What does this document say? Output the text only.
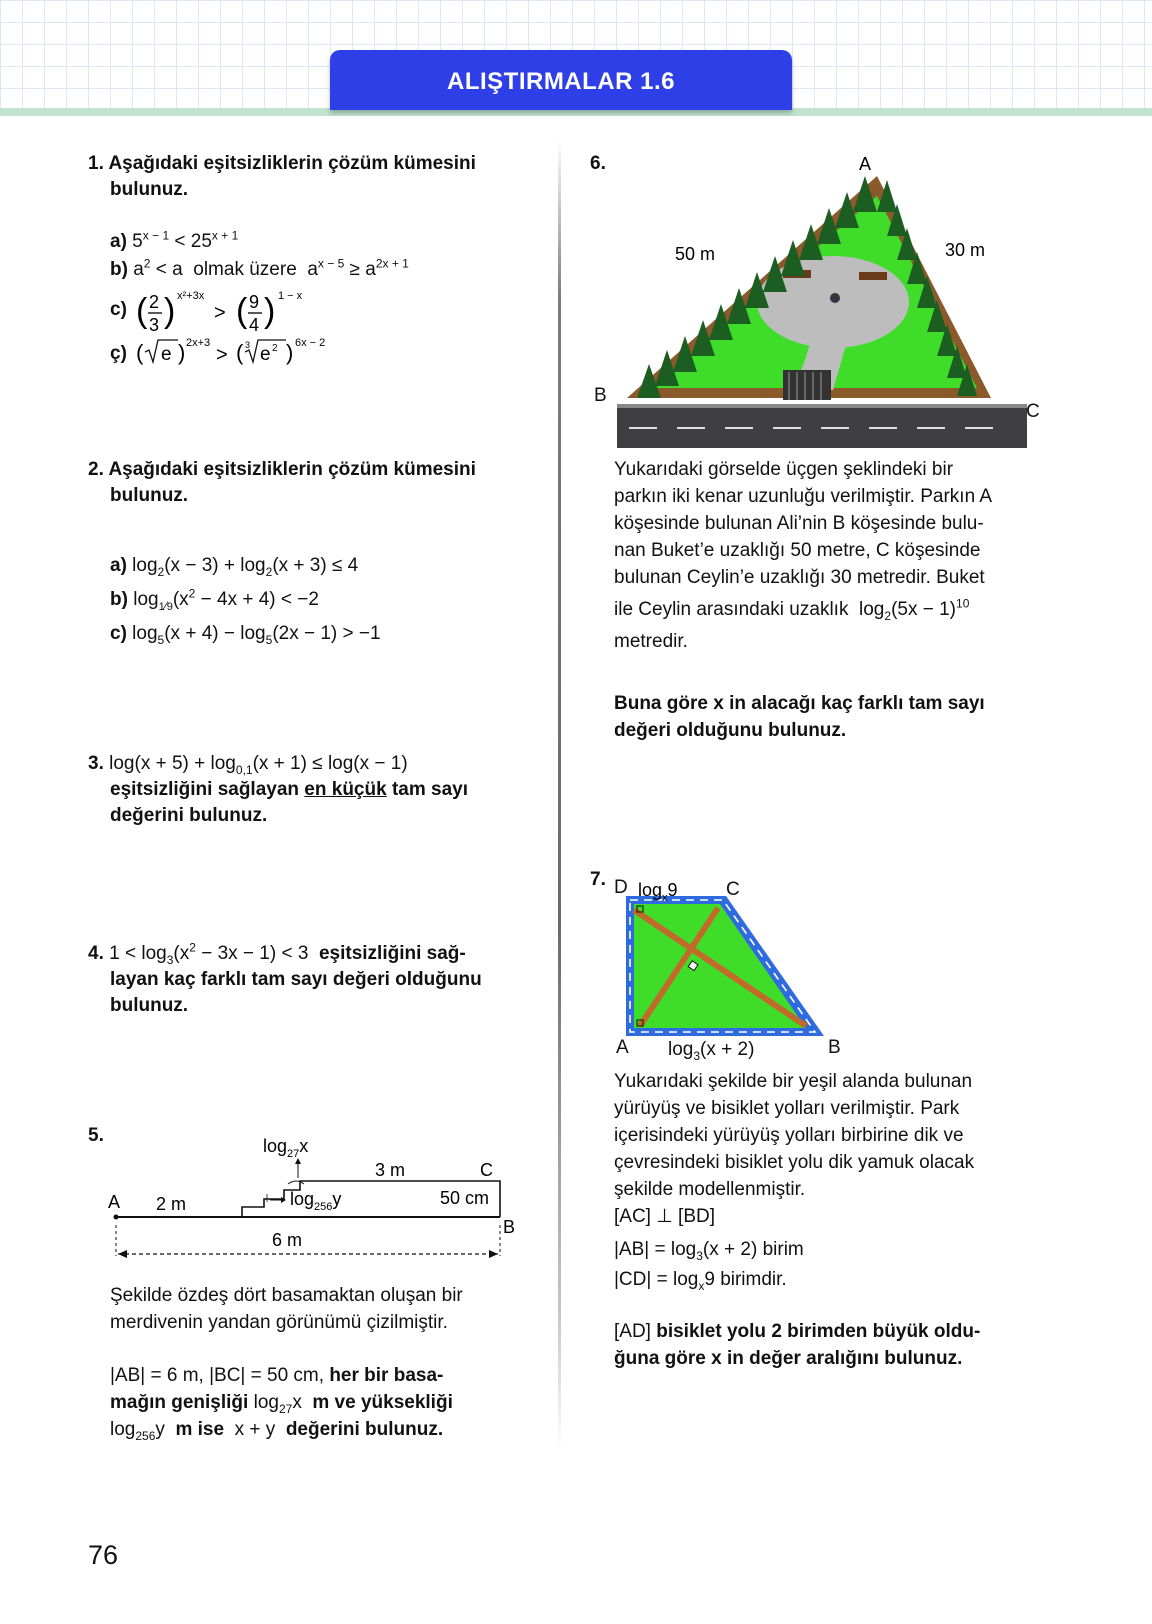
ALIŞTIRMALAR 1.6
1. Aşağıdaki eşitsizliklerin çözüm kümesini
bulunuz.
a) $5^{x - 1} < 25^{x + 1}$
b) $a^2 < a$  olmak üzere  $a^{x - 5} \ge a^{2x + 1}$
c) ( 2
3 ) x²+3x
> ( 9
4 ) 1 − x
ç) ( e ) 2x+3
> ( 3 e 2 ) 6x − 2
2. Aşağıdaki eşitsizliklerin çözüm kümesini
bulunuz.
a) $\log_2(x - 3) + \log_2(x + 3) \le 4$
b) $\log_{1⁄9}(x^2 - 4x + 4) < -2$
c) $\log_5(x + 4) - \log_5(2x - 1) > -1$
3. $\log(x + 5) + \log_{0,1}(x + 1) \le \log(x - 1)$
eşitsizliğini sağlayan en küçük tam sayı
değerini bulunuz.
4. $1 < \log_3(x^2 - 3x - 1) < 3$  eşitsizliğini sağ-
layan kaç farklı tam sayı değeri olduğunu
bulunuz.
5.	$\log_{27}x$
$\log_{256}y$
3 m	C
A 2 m	50 cm
B
6 m
Şekilde özdeş dört basamaktan oluşan bir
merdivenin yandan görünümü çizilmiştir.
|AB| = 6 m, |BC| = 50 cm, her bir basa-
mağın genişliği $\log_{27}x$  m ve yüksekliği
$\log_{256}y$  m ise  x + y  değerini bulunuz.
6.	A
50 m	30 m
B
C
Yukarıdaki görselde üçgen şeklindeki bir
parkın iki kenar uzunluğu verilmiştir. Parkın A
köşesinde bulunan Ali’nin B köşesinde bulu-
nan Buket’e uzaklığı 50 metre, C köşesinde
bulunan Ceylin’e uzaklığı 30 metredir. Buket
ile Ceylin arasındaki uzaklık  $\log_2(5x - 1)^{10}$
metredir.
Buna göre x in alacağı kaç farklı tam sayı
değeri olduğunu bulunuz.
7. $\log_x9$
D	C
A $\log_3(x + 2)$	B
Yukarıdaki şekilde bir yeşil alanda bulunan
yürüyüş ve bisiklet yolları verilmiştir. Park
içerisindeki yürüyüş yolları birbirine dik ve
çevresindeki bisiklet yolu dik yamuk olacak
şekilde modellenmiştir.
[AC] ⊥ [BD]
$|AB| = \log_3(x + 2)$ birim
$|CD| = \log_x9$ birimdir.
[AD] bisiklet yolu 2 birimden büyük oldu-
ğuna göre x in değer aralığını bulunuz.
76
